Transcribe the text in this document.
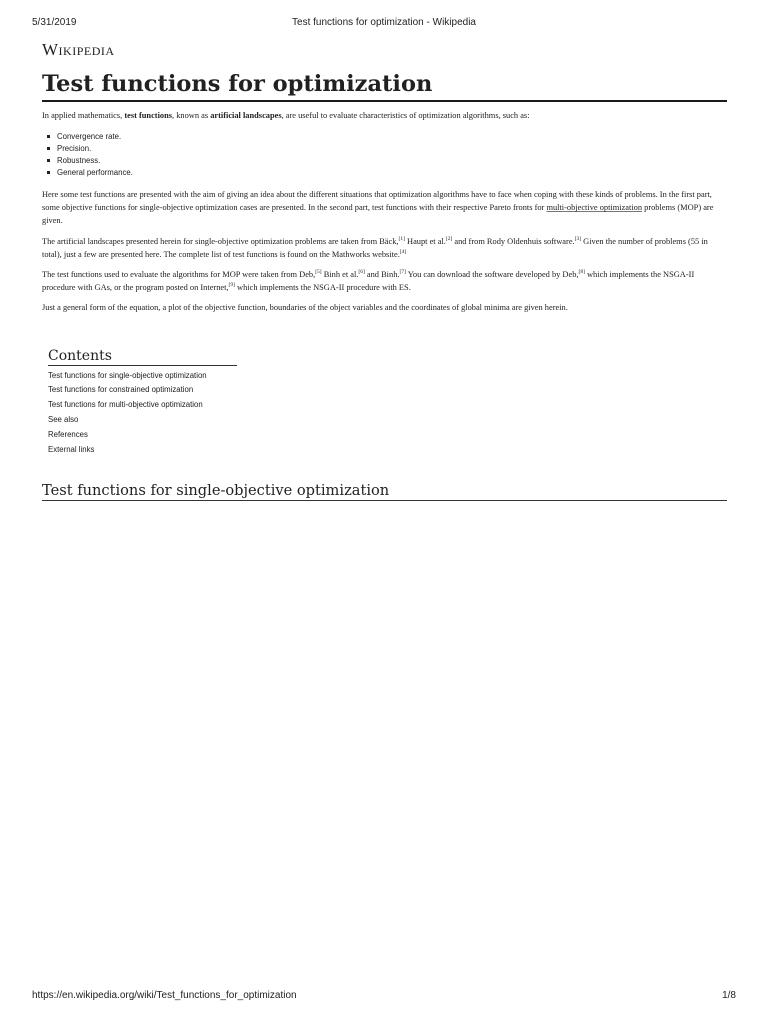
5/31/2019	Test functions for optimization - Wikipedia
Wikipedia
Test functions for optimization

In applied mathematics, test functions, known as artificial landscapes, are useful to evaluate characteristics of optimization algorithms, such as:

Convergence rate.
Precision.
Robustness.
General performance.

Here some test functions are presented with the aim of giving an idea about the different situations that optimization algorithms have to face when coping with these kinds of problems. In the first part, some objective functions for single-objective optimization cases are presented. In the second part, test functions with their respective Pareto fronts for multi-objective optimization problems (MOP) are given.

The artificial landscapes presented herein for single-objective optimization problems are taken from Bäck,[1] Haupt et al.[2] and from Rody Oldenhuis software.[3] Given the number of problems (55 in total), just a few are presented here. The complete list of test functions is found on the Mathworks website.[4]

The test functions used to evaluate the algorithms for MOP were taken from Deb,[5] Binh et al.[6] and Binh.[7] You can download the software developed by Deb,[8] which implements the NSGA-II procedure with GAs, or the program posted on Internet,[9] which implements the NSGA-II procedure with ES.

Just a general form of the equation, a plot of the objective function, boundaries of the object variables and the coordinates of global minima are given herein.

Contents
Test functions for single-objective optimization
Test functions for constrained optimization
Test functions for multi-objective optimization
See also
References
External links
Test functions for single-objective optimization
https://en.wikipedia.org/wiki/Test_functions_for_optimization	1/8
